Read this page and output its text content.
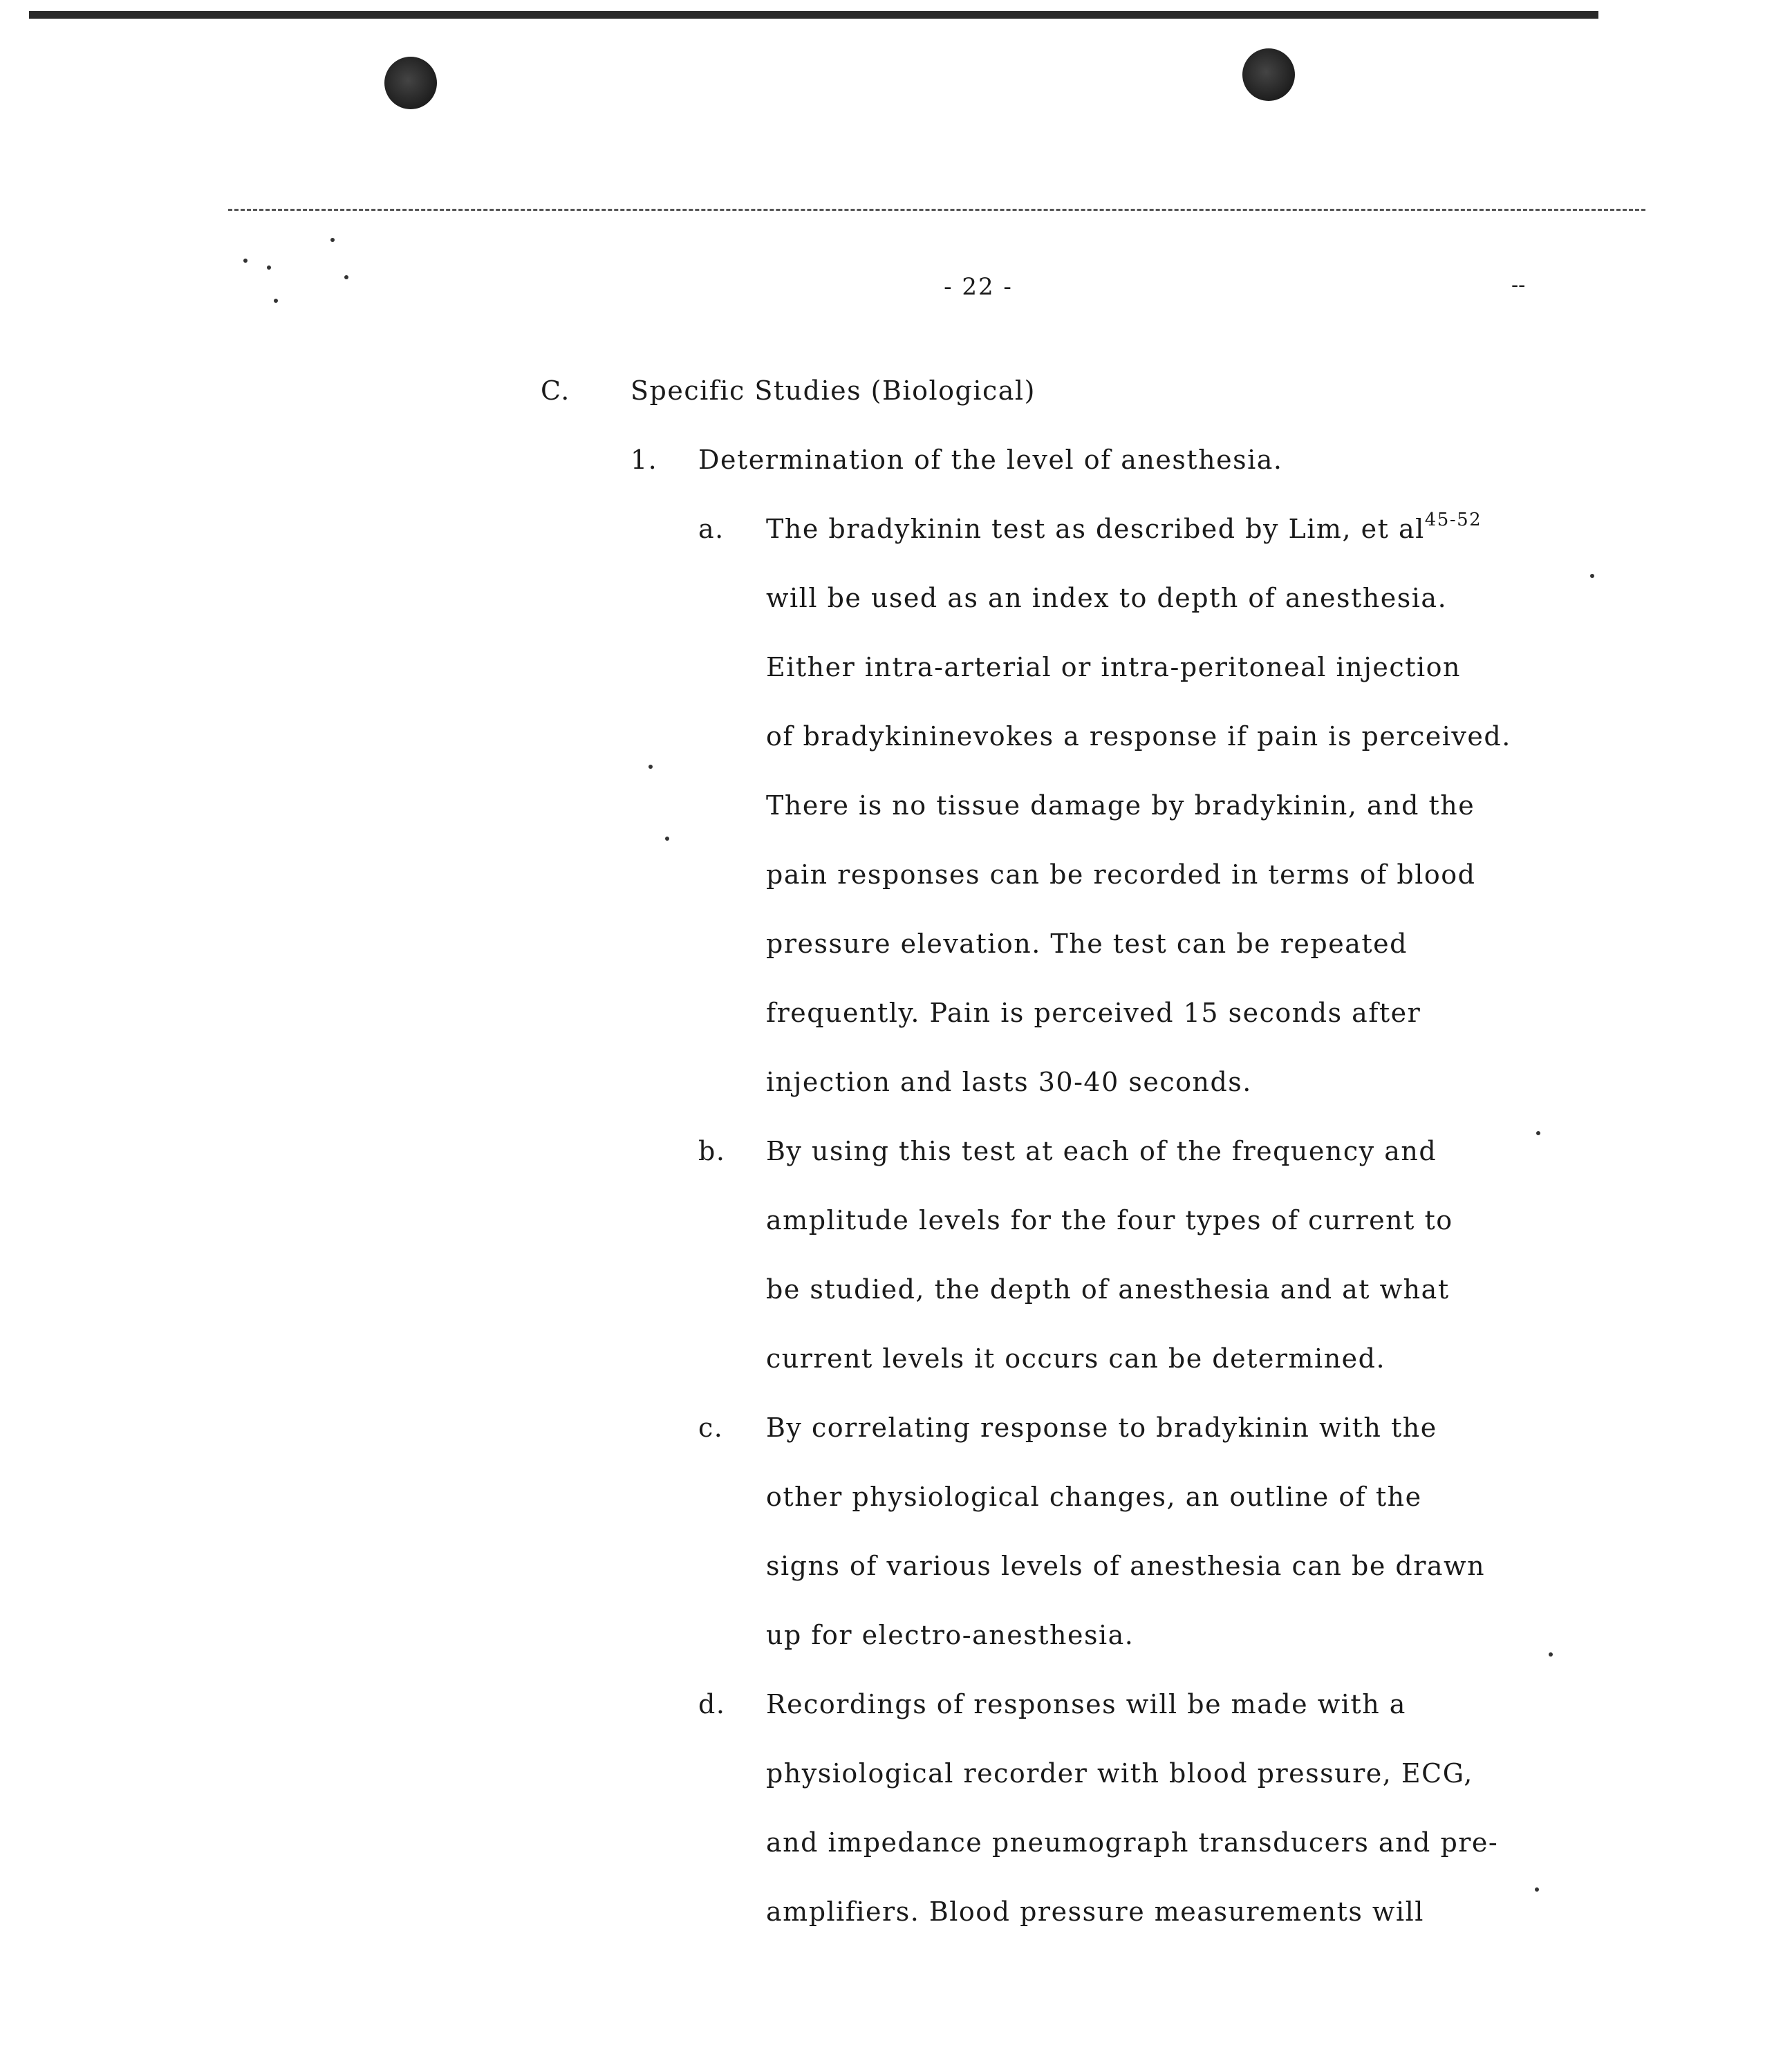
- 22 -	--
C. Specific Studies (Biological)
1. Determination of the level of anesthesia.
a. The bradykinin test as described by Lim, et $al^{45-52}$
will be used as an index to depth of anesthesia.
Either intra-arterial or intra-peritoneal injection
of bradykininevokes a response if pain is perceived.
There is no tissue damage by bradykinin, and the
pain responses can be recorded in terms of blood
pressure elevation. The test can be repeated
frequently. Pain is perceived 15 seconds after
injection and lasts 30-40 seconds.
b. By using this test at each of the frequency and
amplitude levels for the four types of current to
be studied, the depth of anesthesia and at what
current levels it occurs can be determined.
c. By correlating response to bradykinin with the
other physiological changes, an outline of the
signs of various levels of anesthesia can be drawn
up for electro-anesthesia.
d. Recordings of responses will be made with a
physiological recorder with blood pressure, ECG,
and impedance pneumograph transducers and pre-
amplifiers. Blood pressure measurements will
